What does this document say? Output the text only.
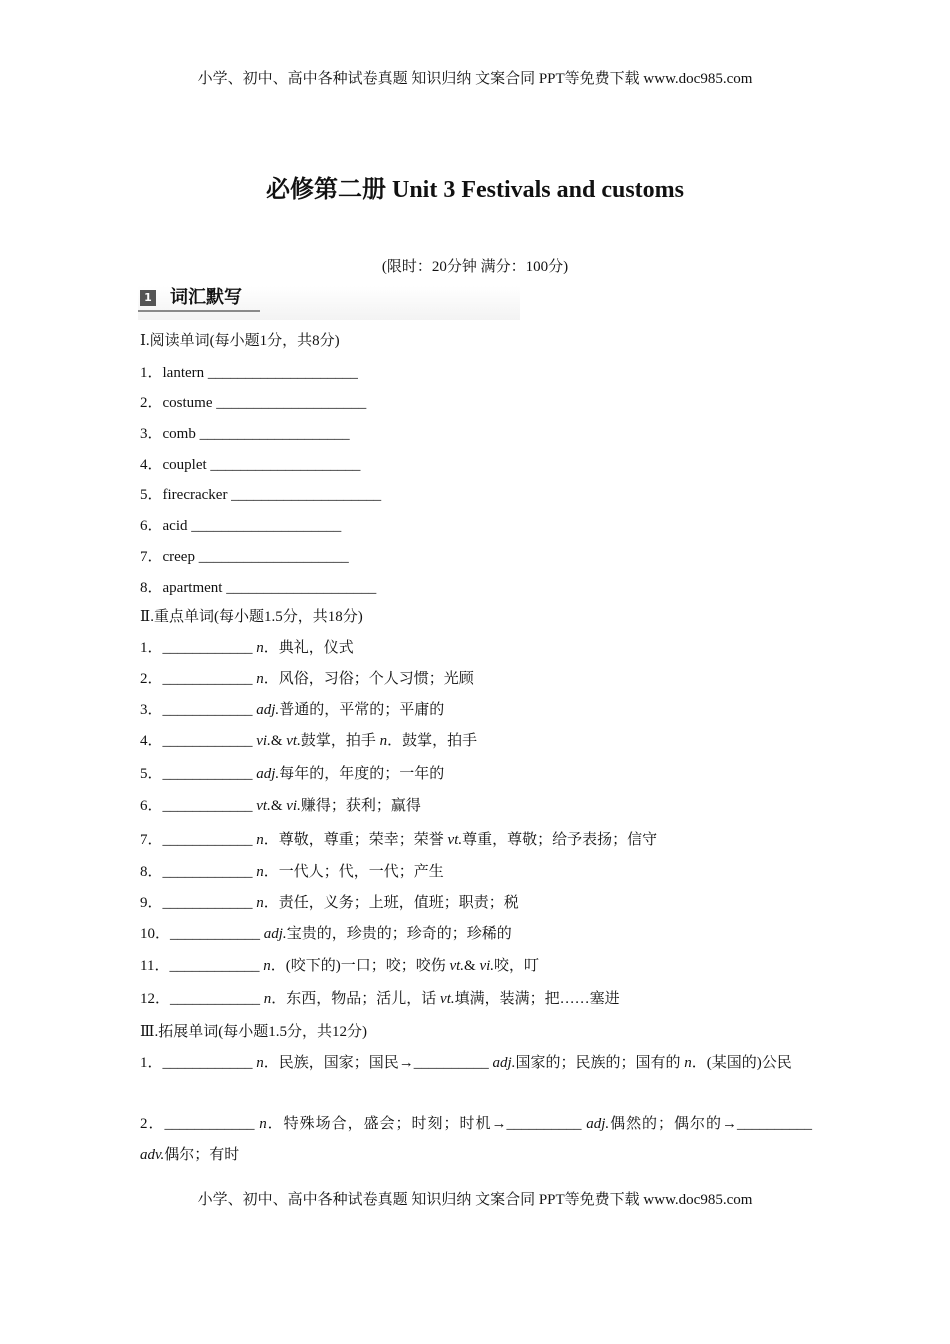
小学、初中、高中各种试卷真题 知识归纳 文案合同 PPT等免费下载 www.doc985.com
必修第二册 Unit 3 Festivals and customs
(限时：20分钟 满分：100分)
1 词汇默写
Ⅰ.阅读单词(每小题1分，共8分)
1．lantern ____________________
2．costume ____________________
3．comb ____________________
4．couplet ____________________
5．firecracker ____________________
6．acid ____________________
7．creep ____________________
8．apartment ____________________
Ⅱ.重点单词(每小题1.5分，共18分)
1．____________ n．典礼，仪式
2．____________ n．风俗，习俗；个人习惯；光顾
3．____________ adj.普通的，平常的；平庸的
4．____________ vi.& vt.鼓掌，拍手 n．鼓掌，拍手
5．____________ adj.每年的，年度的；一年的
6．____________ vt.& vi.赚得；获利；赢得
7．____________ n．尊敬，尊重；荣幸；荣誉 vt.尊重，尊敬；给予表扬；信守
8．____________ n．一代人；代，一代；产生
9．____________ n．责任，义务；上班，值班；职责；税
10．____________ adj.宝贵的，珍贵的；珍奇的；珍稀的
11．____________ n．(咬下的)一口；咬；咬伤 vt.& vi.咬，叮
12．____________ n．东西，物品；活儿，话 vt.填满，装满；把……塞进
Ⅲ.拓展单词(每小题1.5分，共12分)
1．____________ n．民族，国家；国民→__________ adj.国家的；民族的；国有的 n．(某国的)公民
2．____________ n．特殊场合，盛会；时刻；时机→__________ adj.偶然的；偶尔的→__________ adv.偶尔；有时
小学、初中、高中各种试卷真题 知识归纳 文案合同 PPT等免费下载 www.doc985.com
